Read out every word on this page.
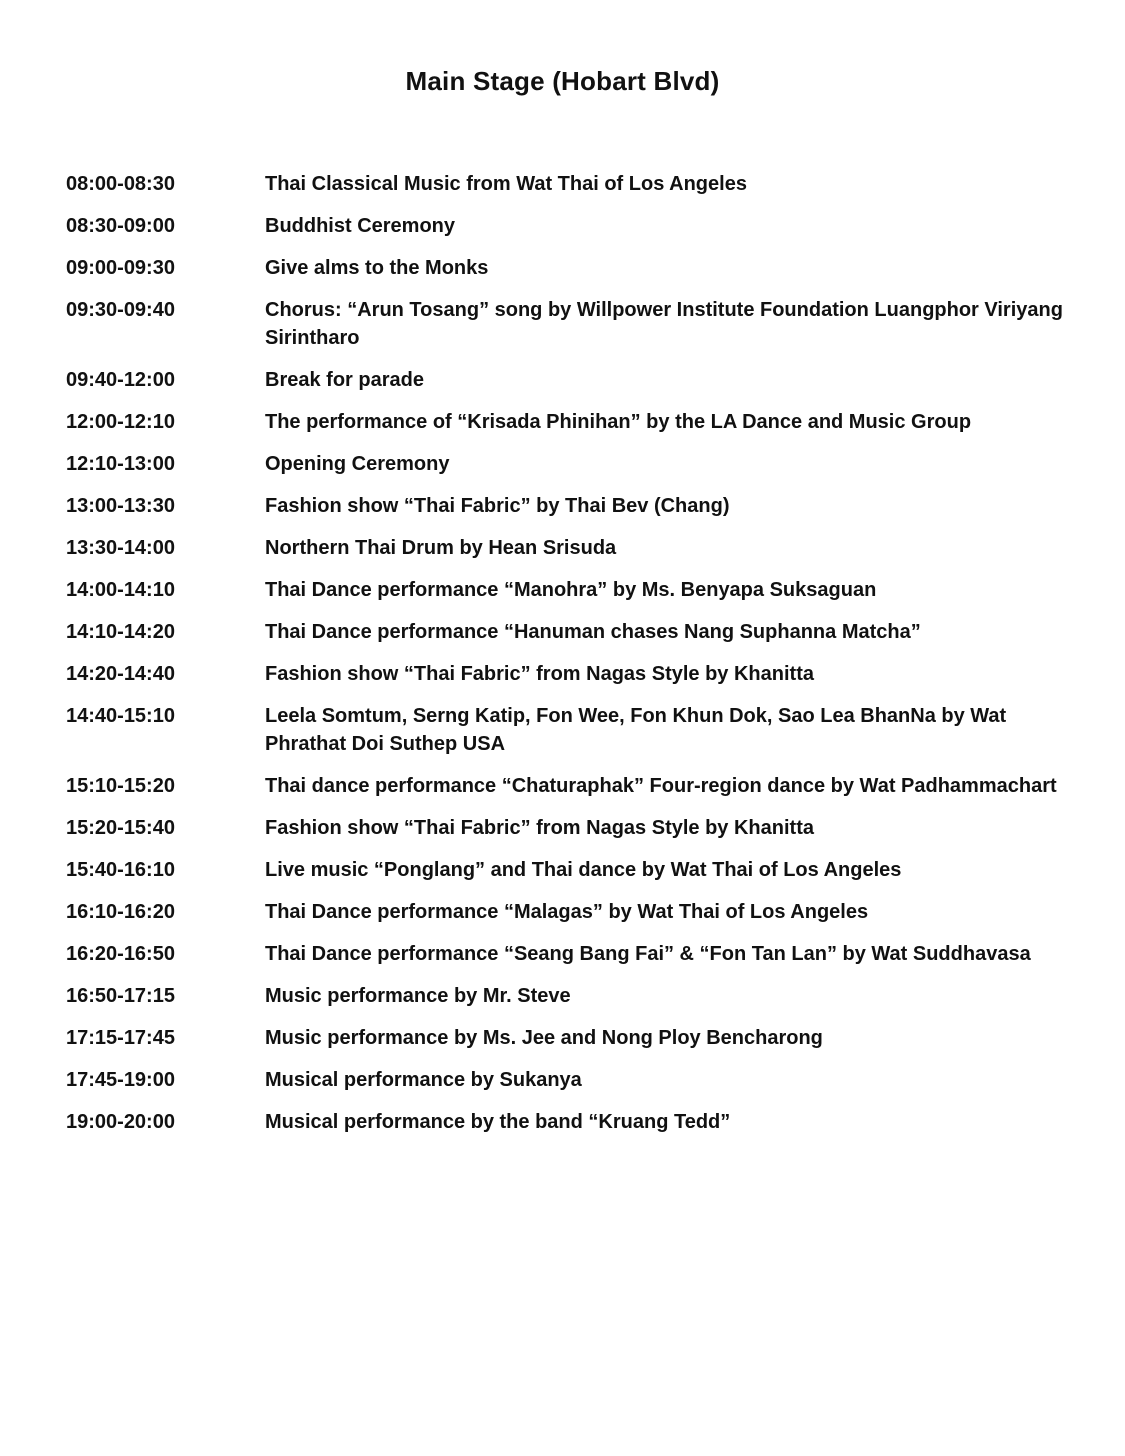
Main Stage (Hobart Blvd)
08:00-08:30	Thai Classical Music from Wat Thai of Los Angeles
08:30-09:00	Buddhist Ceremony
09:00-09:30	Give alms to the Monks
09:30-09:40	Chorus: “Arun Tosang” song by Willpower Institute Foundation Luangphor Viriyang Sirintharo
09:40-12:00	Break for parade
12:00-12:10	The performance of “Krisada Phinihan” by the LA Dance and Music Group
12:10-13:00	Opening Ceremony
13:00-13:30	Fashion show “Thai Fabric” by Thai Bev (Chang)
13:30-14:00	Northern Thai Drum by Hean Srisuda
14:00-14:10	Thai Dance performance “Manohra” by Ms. Benyapa Suksaguan
14:10-14:20	Thai Dance performance “Hanuman chases Nang Suphanna Matcha”
14:20-14:40	Fashion show “Thai Fabric” from Nagas Style by Khanitta
14:40-15:10	Leela Somtum, Serng Katip, Fon Wee, Fon Khun Dok, Sao Lea BhanNa by Wat Phrathat Doi Suthep USA
15:10-15:20	Thai dance performance “Chaturaphak” Four-region dance by Wat Padhammachart
15:20-15:40	Fashion show “Thai Fabric” from Nagas Style by Khanitta
15:40-16:10	Live music “Ponglang” and Thai dance by Wat Thai of Los Angeles
16:10-16:20	Thai Dance performance “Malagas” by Wat Thai of Los Angeles
16:20-16:50	Thai Dance performance “Seang Bang Fai” & “Fon Tan Lan” by Wat Suddhavasa
16:50-17:15	Music performance by Mr. Steve
17:15-17:45	Music performance by Ms. Jee and Nong Ploy Bencharong
17:45-19:00	Musical performance by Sukanya
19:00-20:00	Musical performance by the band “Kruang Tedd”
